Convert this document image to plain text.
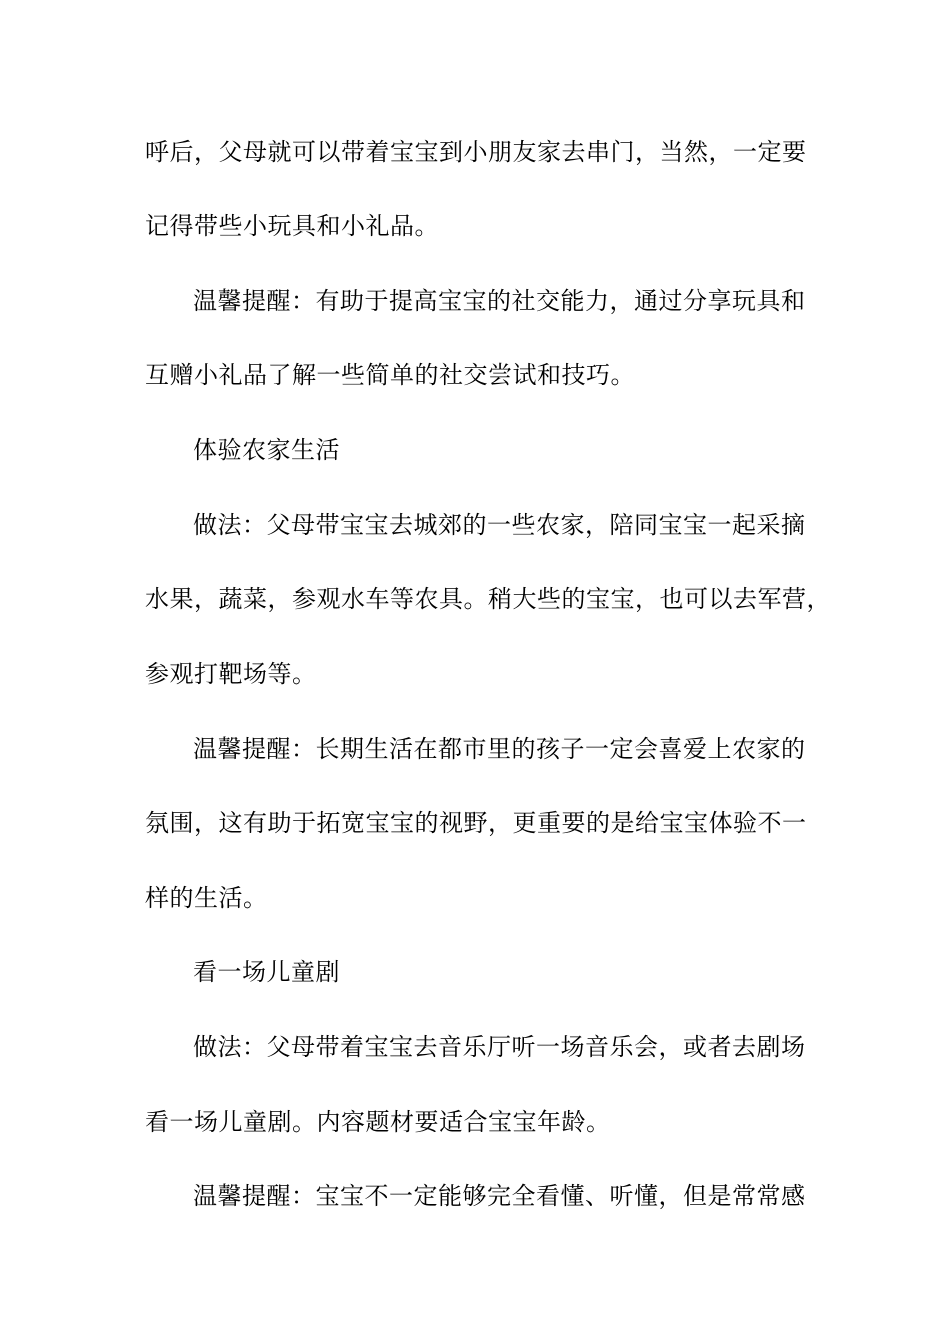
呼后，父母就可以带着宝宝到小朋友家去串门，当然，一定要
记得带些小玩具和小礼品。
温馨提醒：有助于提高宝宝的社交能力，通过分享玩具和
互赠小礼品了解一些简单的社交尝试和技巧。
体验农家生活
做法：父母带宝宝去城郊的一些农家，陪同宝宝一起采摘
水果，蔬菜，参观水车等农具。稍大些的宝宝，也可以去军营，
参观打靶场等。
温馨提醒：长期生活在都市里的孩子一定会喜爱上农家的
氛围，这有助于拓宽宝宝的视野，更重要的是给宝宝体验不一
样的生活。
看一场儿童剧
做法：父母带着宝宝去音乐厅听一场音乐会，或者去剧场
看一场儿童剧。内容题材要适合宝宝年龄。
温馨提醒：宝宝不一定能够完全看懂、听懂，但是常常感
